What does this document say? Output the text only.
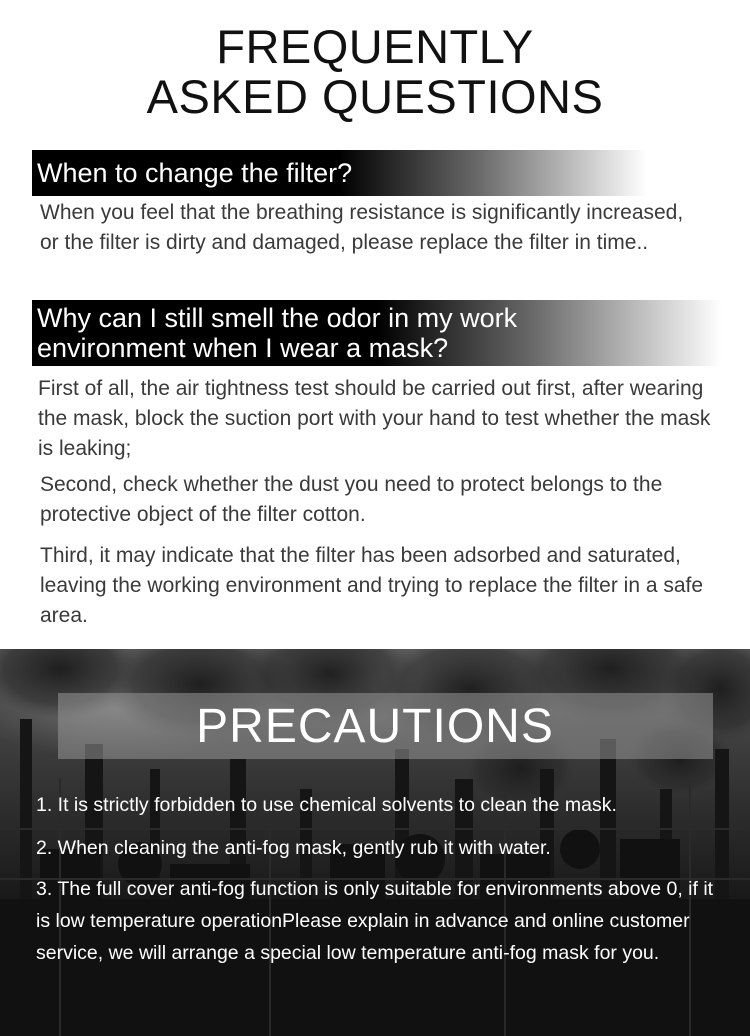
FREQUENTLY
ASKED QUESTIONS
When to change the filter?
When you feel that the breathing resistance is significantly increased, or the filter is dirty and damaged, please replace the filter in time..
Why can I still smell the odor in my work
environment when I wear a mask?
First of all, the air tightness test should be carried out first, after wearing the mask, block the suction port with your hand to test whether the mask is leaking;
Second, check whether the dust you need to protect belongs to the protective object of the filter cotton.
Third, it may indicate that the filter has been adsorbed and saturated, leaving the working environment and trying to replace the filter in a safe area.
PRECAUTIONS
1. It is strictly forbidden to use chemical solvents to clean the mask.
2. When cleaning the anti-fog mask, gently rub it with water.
3. The full cover anti-fog function is only suitable for environments above 0, if it is low temperature operationPlease explain in advance and online customer service, we will arrange a special low temperature anti-fog mask for you.
